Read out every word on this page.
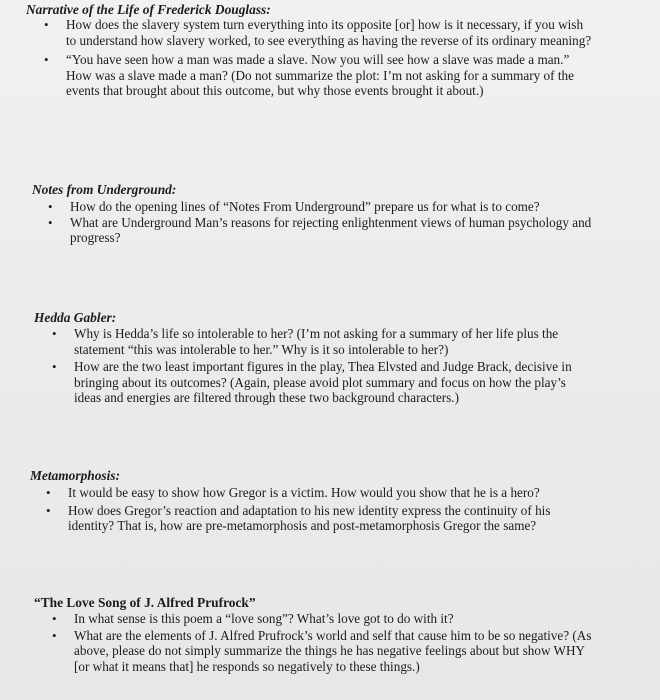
Narrative of the Life of Frederick Douglass:
• How does the slavery system turn everything into its opposite [or] how is it necessary, if you wish to understand how slavery worked, to see everything as having the reverse of its ordinary meaning?
• “You have seen how a man was made a slave. Now you will see how a slave was made a man.” How was a slave made a man? (Do not summarize the plot: I’m not asking for a summary of the events that brought about this outcome, but why those events brought it about.)
Notes from Underground:
• How do the opening lines of “Notes From Underground” prepare us for what is to come?
• What are Underground Man’s reasons for rejecting enlightenment views of human psychology and progress?
Hedda Gabler:
• Why is Hedda’s life so intolerable to her? (I’m not asking for a summary of her life plus the statement “this was intolerable to her.” Why is it so intolerable to her?)
• How are the two least important figures in the play, Thea Elvsted and Judge Brack, decisive in bringing about its outcomes? (Again, please avoid plot summary and focus on how the play’s ideas and energies are filtered through these two background characters.)
Metamorphosis:
• It would be easy to show how Gregor is a victim. How would you show that he is a hero?
• How does Gregor’s reaction and adaptation to his new identity express the continuity of his identity? That is, how are pre-metamorphosis and post-metamorphosis Gregor the same?
“The Love Song of J. Alfred Prufrock”
• In what sense is this poem a “love song”? What’s love got to do with it?
• What are the elements of J. Alfred Prufrock’s world and self that cause him to be so negative? (As above, please do not simply summarize the things he has negative feelings about but show WHY [or what it means that] he responds so negatively to these things.)
